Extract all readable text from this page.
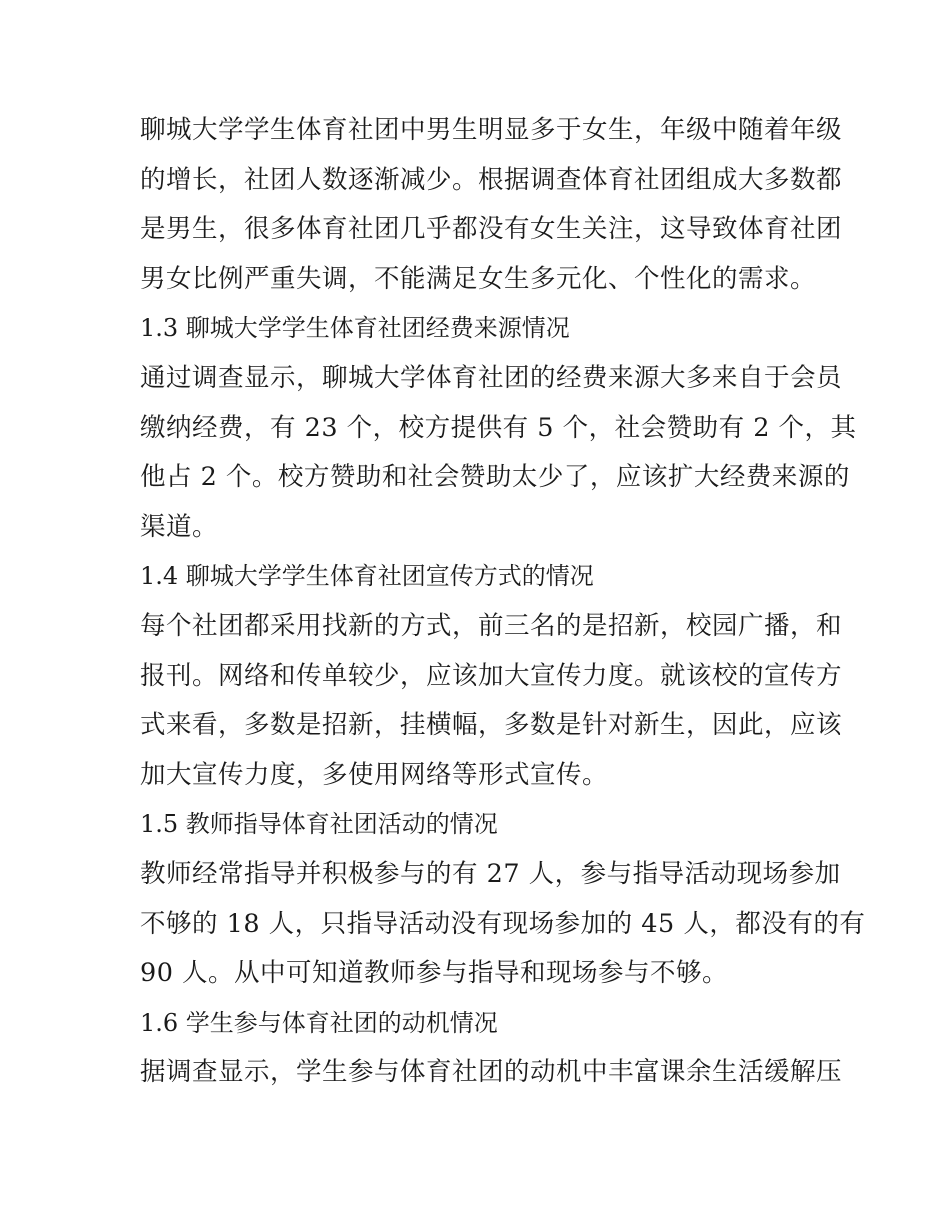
聊城大学学生体育社团中男生明显多于女生，年级中随着年级
的增长，社团人数逐渐减少。根据调查体育社团组成大多数都
是男生，很多体育社团几乎都没有女生关注，这导致体育社团
男女比例严重失调，不能满足女生多元化、个性化的需求。
1.3 聊城大学学生体育社团经费来源情况
通过调查显示，聊城大学体育社团的经费来源大多来自于会员
缴纳经费，有 23 个，校方提供有 5 个，社会赞助有 2 个，其
他占 2 个。校方赞助和社会赞助太少了，应该扩大经费来源的
渠道。
1.4 聊城大学学生体育社团宣传方式的情况
每个社团都采用找新的方式，前三名的是招新，校园广播，和
报刊。网络和传单较少，应该加大宣传力度。就该校的宣传方
式来看，多数是招新，挂横幅，多数是针对新生，因此，应该
加大宣传力度，多使用网络等形式宣传。
1.5 教师指导体育社团活动的情况
教师经常指导并积极参与的有 27 人，参与指导活动现场参加
不够的 18 人，只指导活动没有现场参加的 45 人，都没有的有
90 人。从中可知道教师参与指导和现场参与不够。
1.6 学生参与体育社团的动机情况
据调查显示，学生参与体育社团的动机中丰富课余生活缓解压
